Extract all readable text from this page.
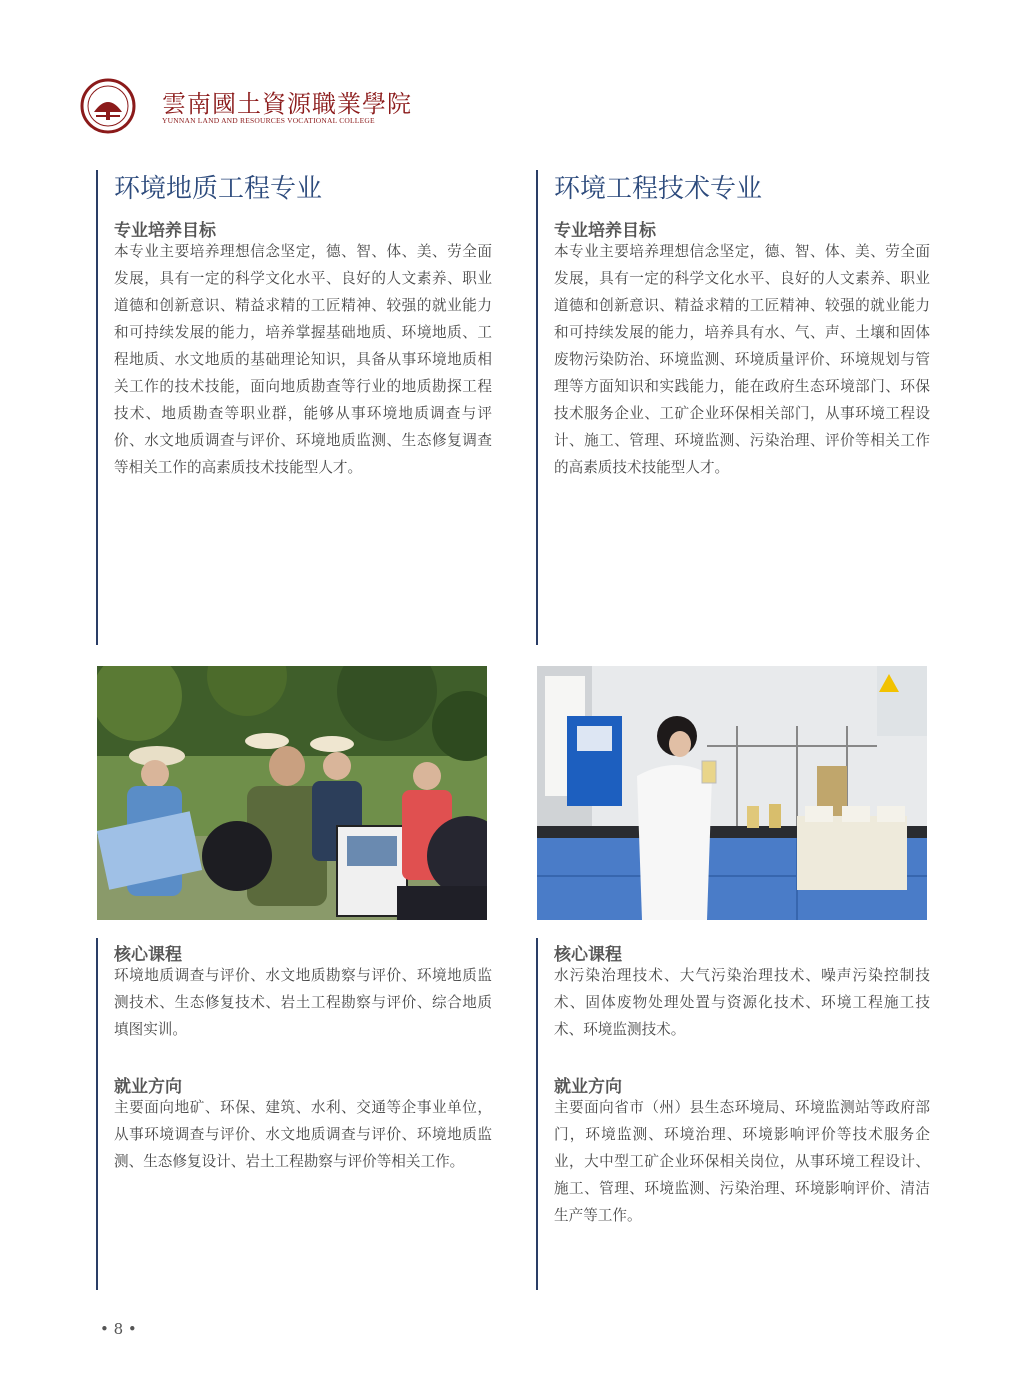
雲南國土資源職業學院
YUNNAN LAND AND RESOURCES VOCATIONAL COLLEGE
环境地质工程专业
专业培养目标
本专业主要培养理想信念坚定，德、智、体、美、劳全面发展，具有一定的科学文化水平、良好的人文素养、职业道德和创新意识、精益求精的工匠精神、较强的就业能力和可持续发展的能力，培养掌握基础地质、环境地质、工程地质、水文地质的基础理论知识，具备从事环境地质相关工作的技术技能，面向地质勘查等行业的地质勘探工程技术、地质勘查等职业群，能够从事环境地质调查与评价、水文地质调查与评价、环境地质监测、生态修复调查等相关工作的高素质技术技能型人才。
环境工程技术专业
专业培养目标
本专业主要培养理想信念坚定，德、智、体、美、劳全面发展，具有一定的科学文化水平、良好的人文素养、职业道德和创新意识、精益求精的工匠精神、较强的就业能力和可持续发展的能力，培养具有水、气、声、土壤和固体废物污染防治、环境监测、环境质量评价、环境规划与管理等方面知识和实践能力，能在政府生态环境部门、环保技术服务企业、工矿企业环保相关部门，从事环境工程设计、施工、管理、环境监测、污染治理、评价等相关工作的高素质技术技能型人才。
核心课程
环境地质调查与评价、水文地质勘察与评价、环境地质监测技术、生态修复技术、岩土工程勘察与评价、综合地质填图实训。
就业方向
主要面向地矿、环保、建筑、水利、交通等企事业单位，从事环境调查与评价、水文地质调查与评价、环境地质监测、生态修复设计、岩土工程勘察与评价等相关工作。
核心课程
水污染治理技术、大气污染治理技术、噪声污染控制技术、固体废物处理处置与资源化技术、环境工程施工技术、环境监测技术。
就业方向
主要面向省市（州）县生态环境局、环境监测站等政府部门，环境监测、环境治理、环境影响评价等技术服务企业，大中型工矿企业环保相关岗位，从事环境工程设计、施工、管理、环境监测、污染治理、环境影响评价、清洁生产等工作。
• 8 •
